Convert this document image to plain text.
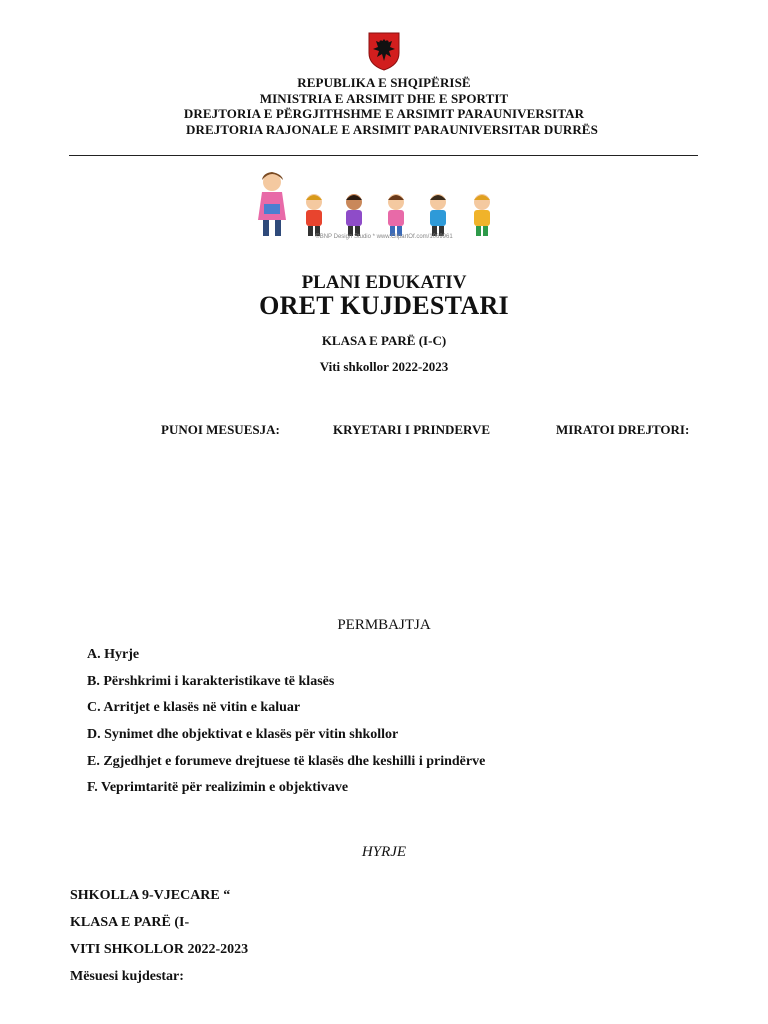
REPUBLIKA E SHQIPËRISË
MINISTRIA E ARSIMIT DHE E SPORTIT
DREJTORIA E PËRGJITHSHME E ARSIMIT PARAUNIVERSITAR
DREJTORIA RAJONALE E ARSIMIT PARAUNIVERSITAR DURRËS
©BNP Design Studio * www.ClipartOf.com/1069961
PLANI EDUKATIV
ORET KUJDESTARI
KLASA E PARË (I-C)
Viti shkollor 2022-2023
PUNOI MESUESJA:	KRYETARI I PRINDERVE	MIRATOI DREJTORI:
PERMBAJTJA
A. Hyrje
B. Përshkrimi i karakteristikave të klasës
C. Arritjet e klasës në vitin e kaluar
D. Synimet dhe objektivat e klasës për vitin shkollor
E. Zgjedhjet e forumeve drejtuese të klasës dhe keshilli i prindërve
F. Veprimtaritë për realizimin e objektivave
HYRJE
SHKOLLA 9-VJECARE “
KLASA E PARË (I-
VITI SHKOLLOR 2022-2023
Mësuesi kujdestar:
